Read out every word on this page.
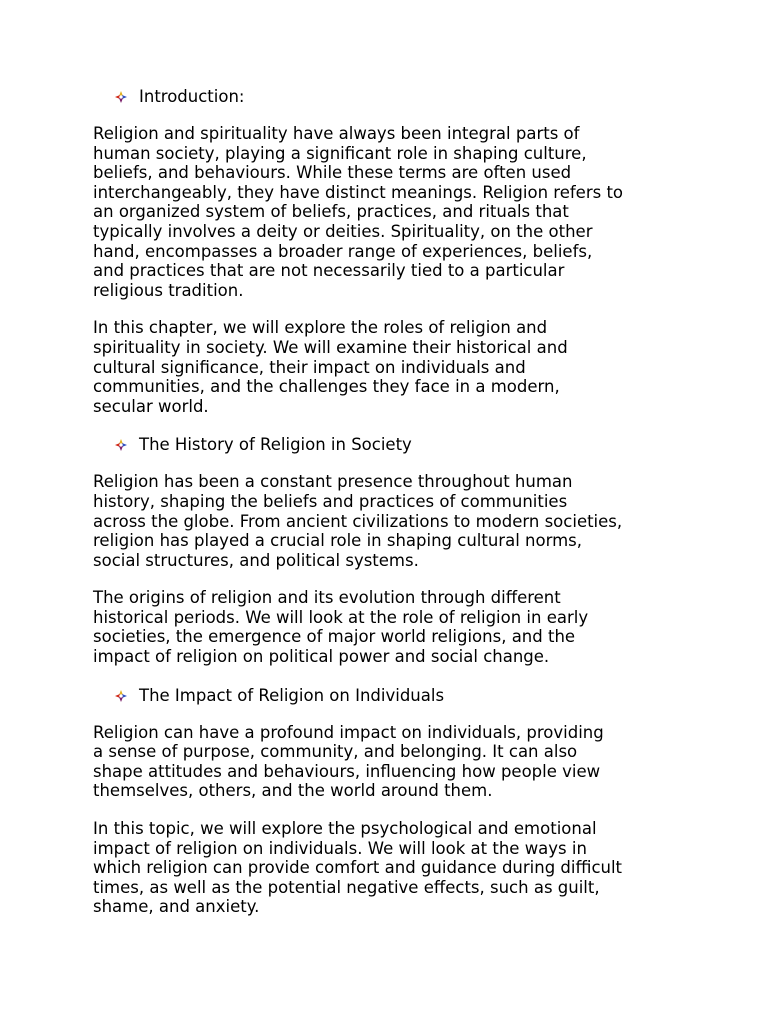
Introduction:

Religion and spirituality have always been integral parts of
human society, playing a significant role in shaping culture,
beliefs, and behaviours. While these terms are often used
interchangeably, they have distinct meanings. Religion refers to
an organized system of beliefs, practices, and rituals that
typically involves a deity or deities. Spirituality, on the other
hand, encompasses a broader range of experiences, beliefs,
and practices that are not necessarily tied to a particular
religious tradition.

In this chapter, we will explore the roles of religion and
spirituality in society. We will examine their historical and
cultural significance, their impact on individuals and
communities, and the challenges they face in a modern,
secular world.

The History of Religion in Society

Religion has been a constant presence throughout human
history, shaping the beliefs and practices of communities
across the globe. From ancient civilizations to modern societies,
religion has played a crucial role in shaping cultural norms,
social structures, and political systems.

The origins of religion and its evolution through different
historical periods. We will look at the role of religion in early
societies, the emergence of major world religions, and the
impact of religion on political power and social change.

The Impact of Religion on Individuals

Religion can have a profound impact on individuals, providing
a sense of purpose, community, and belonging. It can also
shape attitudes and behaviours, influencing how people view
themselves, others, and the world around them.

In this topic, we will explore the psychological and emotional
impact of religion on individuals. We will look at the ways in
which religion can provide comfort and guidance during difficult
times, as well as the potential negative effects, such as guilt,
shame, and anxiety.
